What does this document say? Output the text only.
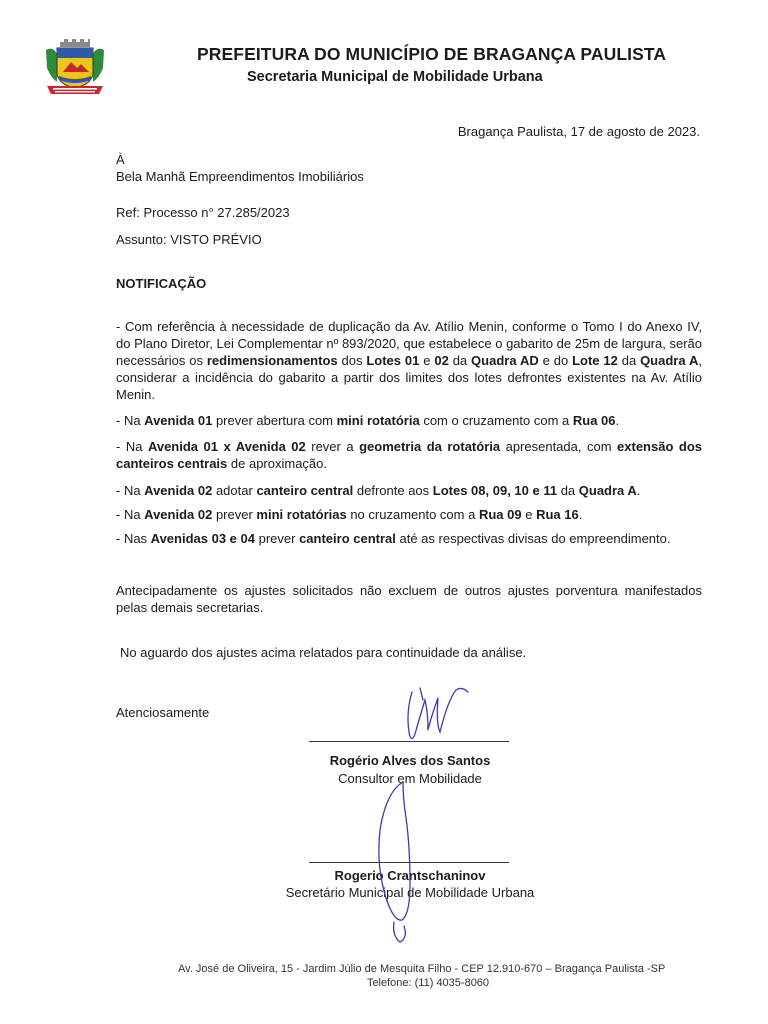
PREFEITURA DO MUNICÍPIO DE BRAGANÇA PAULISTA
Secretaria Municipal de Mobilidade Urbana
Bragança Paulista, 17 de agosto de 2023.
À
Bela Manhã Empreendimentos Imobiliários
Ref: Processo n° 27.285/2023
Assunto: VISTO PRÉVIO
NOTIFICAÇÃO
- Com referência à necessidade de duplicação da Av. Atílio Menin, conforme o Tomo I do Anexo IV, do Plano Diretor, Lei Complementar nº 893/2020, que estabelece o gabarito de 25m de largura, serão necessários os redimensionamentos dos Lotes 01 e 02 da Quadra AD e do Lote 12 da Quadra A, considerar a incidência do gabarito a partir dos limites dos lotes defrontes existentes na Av. Atílio Menin.
- Na Avenida 01 prever abertura com mini rotatória com o cruzamento com a Rua 06.
- Na Avenida 01 x Avenida 02 rever a geometria da rotatória apresentada, com extensão dos canteiros centrais de aproximação.
- Na Avenida 02 adotar canteiro central defronte aos Lotes 08, 09, 10 e 11 da Quadra A.
- Na Avenida 02 prever mini rotatórias no cruzamento com a Rua 09 e Rua 16.
- Nas Avenidas 03 e 04 prever canteiro central até as respectivas divisas do empreendimento.
Antecipadamente os ajustes solicitados não excluem de outros ajustes porventura manifestados pelas demais secretarias.
No aguardo dos ajustes acima relatados para continuidade da análise.
Atenciosamente
Rogério Alves dos Santos
Consultor em Mobilidade
Rogerio Crantschaninov
Secretário Municipal de Mobilidade Urbana
Av. José de Oliveira, 15 - Jardim Júlio de Mesquita Filho - CEP 12.910-670 – Bragança Paulista -SP
Telefone: (11) 4035-8060
